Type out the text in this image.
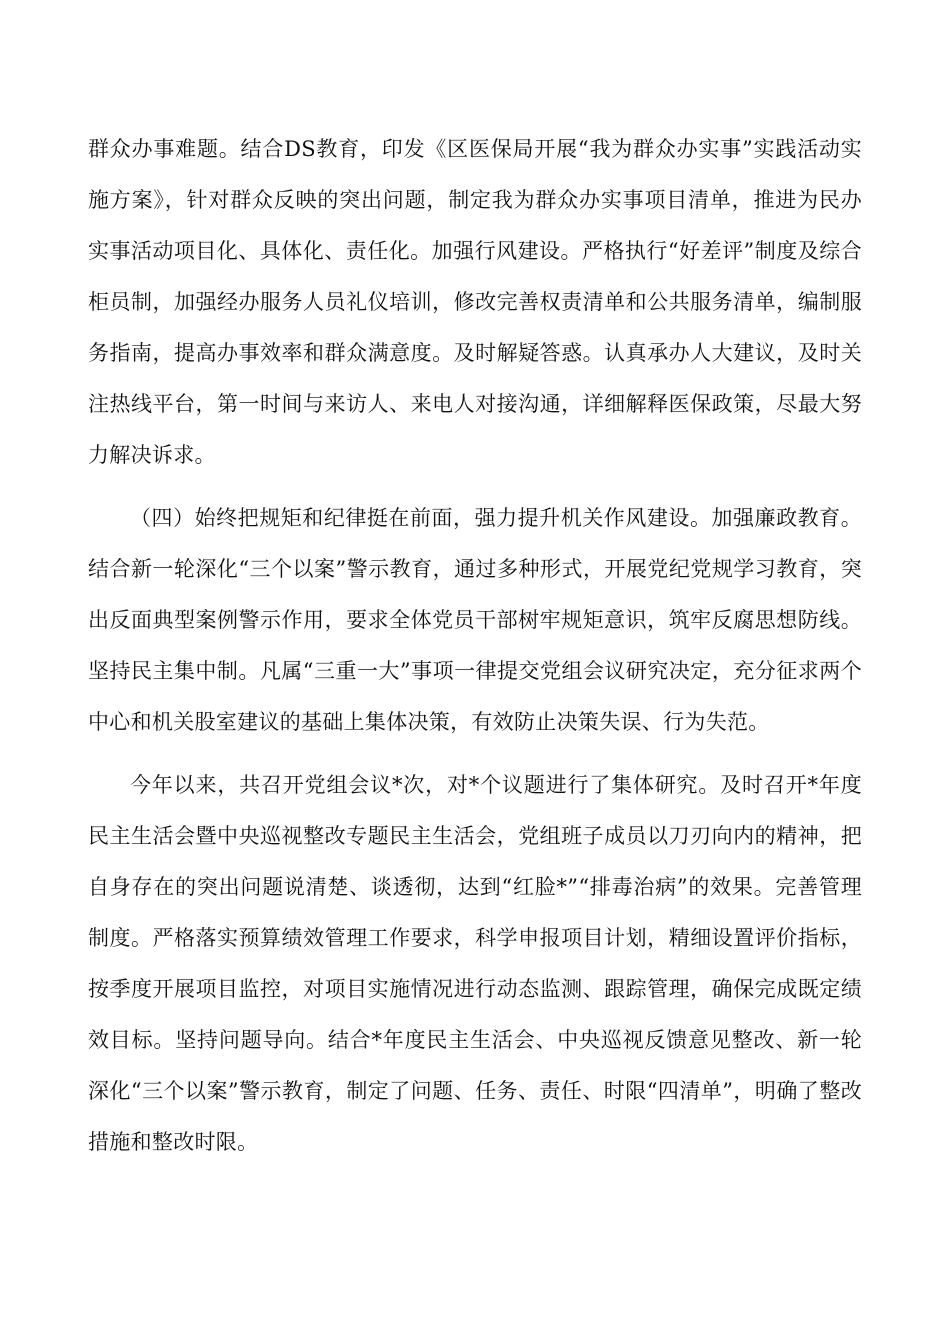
群众办事难题。结合DS教育，印发《区医保局开展“我为群众办实事”实践活动实施方案》，针对群众反映的突出问题，制定我为群众办实事项目清单，推进为民办实事活动项目化、具体化、责任化。加强行风建设。严格执行“好差评”制度及综合柜员制，加强经办服务人员礼仪培训，修改完善权责清单和公共服务清单，编制服务指南，提高办事效率和群众满意度。及时解疑答惑。认真承办人大建议，及时关注热线平台，第一时间与来访人、来电人对接沟通，详细解释医保政策，尽最大努力解决诉求。

（四）始终把规矩和纪律挺在前面，强力提升机关作风建设。加强廉政教育。结合新一轮深化“三个以案”警示教育，通过多种形式，开展党纪党规学习教育，突出反面典型案例警示作用，要求全体党员干部树牢规矩意识，筑牢反腐思想防线。坚持民主集中制。凡属“三重一大”事项一律提交党组会议研究决定，充分征求两个中心和机关股室建议的基础上集体决策，有效防止决策失误、行为失范。

今年以来，共召开党组会议*次，对*个议题进行了集体研究。及时召开*年度民主生活会暨中央巡视整改专题民主生活会，党组班子成员以刀刃向内的精神，把自身存在的突出问题说清楚、谈透彻，达到“红脸*”“排毒治病”的效果。完善管理制度。严格落实预算绩效管理工作要求，科学申报项目计划，精细设置评价指标，按季度开展项目监控，对项目实施情况进行动态监测、跟踪管理，确保完成既定绩效目标。坚持问题导向。结合*年度民主生活会、中央巡视反馈意见整改、新一轮深化“三个以案”警示教育，制定了问题、任务、责任、时限“四清单”，明确了整改措施和整改时限。
